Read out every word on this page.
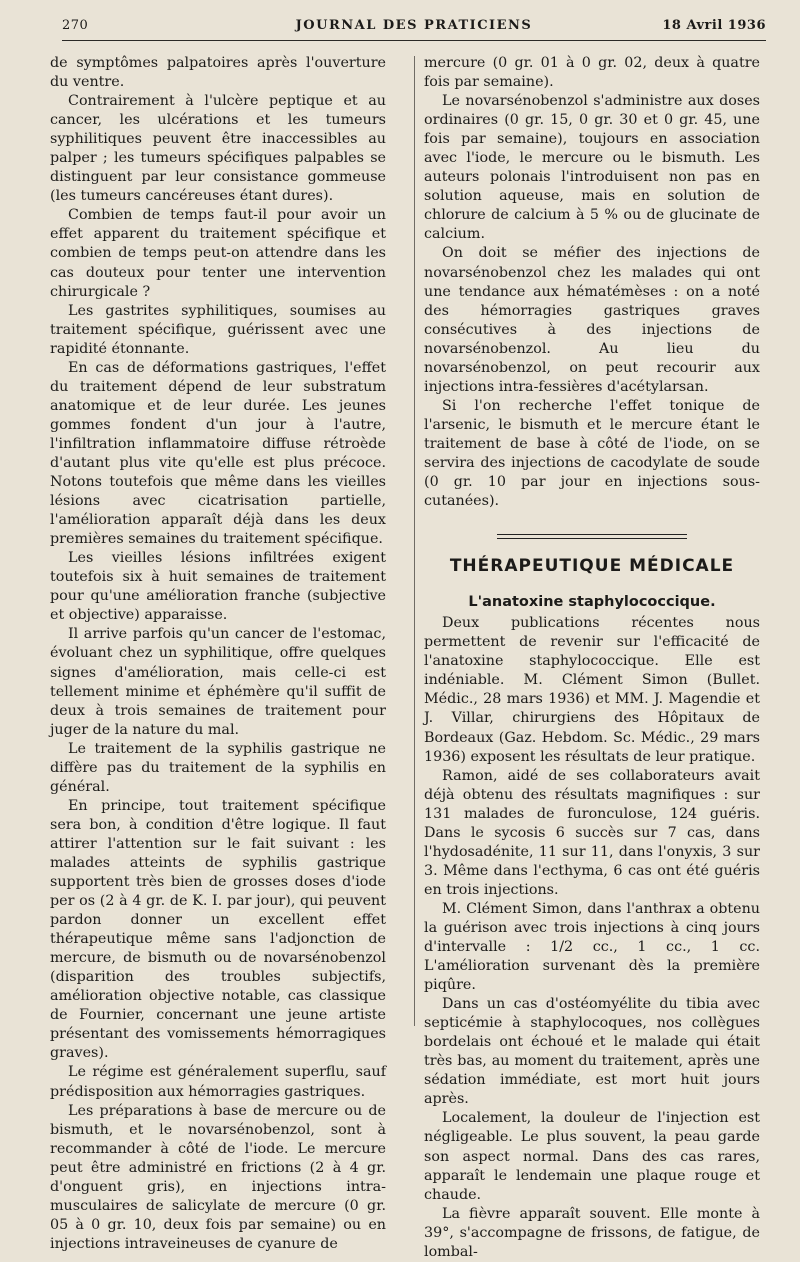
270	JOURNAL DES PRATICIENS	18 Avril 1936

de symptômes palpatoires après l'ouverture du ventre.

Contrairement à l'ulcère peptique et au cancer, les ulcérations et les tumeurs syphilitiques peuvent être inaccessibles au palper ; les tumeurs spécifiques palpables se distinguent par leur consistance gommeuse (les tumeurs cancéreuses étant dures).

Combien de temps faut-il pour avoir un effet apparent du traitement spécifique et combien de temps peut-on attendre dans les cas douteux pour tenter une intervention chirurgicale ?

Les gastrites syphilitiques, soumises au traitement spécifique, guérissent avec une rapidité étonnante.

En cas de déformations gastriques, l'effet du traitement dépend de leur substratum anatomique et de leur durée. Les jeunes gommes fondent d'un jour à l'autre, l'infiltration inflammatoire diffuse rétroède d'autant plus vite qu'elle est plus précoce. Notons toutefois que même dans les vieilles lésions avec cicatrisation partielle, l'amélioration apparaît déjà dans les deux premières semaines du traitement spécifique.

Les vieilles lésions infiltrées exigent toutefois six à huit semaines de traitement pour qu'une amélioration franche (subjective et objective) apparaisse.

Il arrive parfois qu'un cancer de l'estomac, évoluant chez un syphilitique, offre quelques signes d'amélioration, mais celle-ci est tellement minime et éphémère qu'il suffit de deux à trois semaines de traitement pour juger de la nature du mal.

Le traitement de la syphilis gastrique ne diffère pas du traitement de la syphilis en général.

En principe, tout traitement spécifique sera bon, à condition d'être logique. Il faut attirer l'attention sur le fait suivant : les malades atteints de syphilis gastrique supportent très bien de grosses doses d'iode per os (2 à 4 gr. de K. I. par jour), qui peuvent pardon donner un excellent effet thérapeutique même sans l'adjonction de mercure, de bismuth ou de novarsénobenzol (disparition des troubles subjectifs, amélioration objective notable, cas classique de Fournier, concernant une jeune artiste présentant des vomissements hémorragiques graves).

Le régime est généralement superflu, sauf prédisposition aux hémorragies gastriques.

Les préparations à base de mercure ou de bismuth, et le novarsénobenzol, sont à recommander à côté de l'iode. Le mercure peut être administré en frictions (2 à 4 gr. d'onguent gris), en injections intra-musculaires de salicylate de mercure (0 gr. 05 à 0 gr. 10, deux fois par semaine) ou en injections intraveineuses de cyanure de

mercure (0 gr. 01 à 0 gr. 02, deux à quatre fois par semaine).

Le novarsénobenzol s'administre aux doses ordinaires (0 gr. 15, 0 gr. 30 et 0 gr. 45, une fois par semaine), toujours en association avec l'iode, le mercure ou le bismuth. Les auteurs polonais l'introduisent non pas en solution aqueuse, mais en solution de chlorure de calcium à 5 % ou de glucinate de calcium.

On doit se méfier des injections de novarsénobenzol chez les malades qui ont une tendance aux hématémèses : on a noté des hémorragies gastriques graves consécutives à des injections de novarsénobenzol. Au lieu du novarsénobenzol, on peut recourir aux injections intra-fessières d'acétylarsan.

Si l'on recherche l'effet tonique de l'arsenic, le bismuth et le mercure étant le traitement de base à côté de l'iode, on se servira des injections de cacodylate de soude (0 gr. 10 par jour en injections sous-cutanées).

THÉRAPEUTIQUE MÉDICALE
L'anatoxine staphylococcique.

Deux publications récentes nous permettent de revenir sur l'efficacité de l'anatoxine staphylococcique. Elle est indéniable. M. Clément Simon (Bullet. Médic., 28 mars 1936) et MM. J. Magendie et J. Villar, chirurgiens des Hôpitaux de Bordeaux (Gaz. Hebdom. Sc. Médic., 29 mars 1936) exposent les résultats de leur pratique.

Ramon, aidé de ses collaborateurs avait déjà obtenu des résultats magnifiques : sur 131 malades de furonculose, 124 guéris. Dans le sycosis 6 succès sur 7 cas, dans l'hydosadénite, 11 sur 11, dans l'onyxis, 3 sur 3. Même dans l'ecthyma, 6 cas ont été guéris en trois injections.

M. Clément Simon, dans l'anthrax a obtenu la guérison avec trois injections à cinq jours d'intervalle : 1/2 cc., 1 cc., 1 cc. L'amélioration survenant dès la première piqûre.

Dans un cas d'ostéomyélite du tibia avec septicémie à staphylocoques, nos collègues bordelais ont échoué et le malade qui était très bas, au moment du traitement, après une sédation immédiate, est mort huit jours après.

Localement, la douleur de l'injection est négligeable. Le plus souvent, la peau garde son aspect normal. Dans des cas rares, apparaît le lendemain une plaque rouge et chaude.

La fièvre apparaît souvent. Elle monte à 39°, s'accompagne de frissons, de fatigue, de lombal-
